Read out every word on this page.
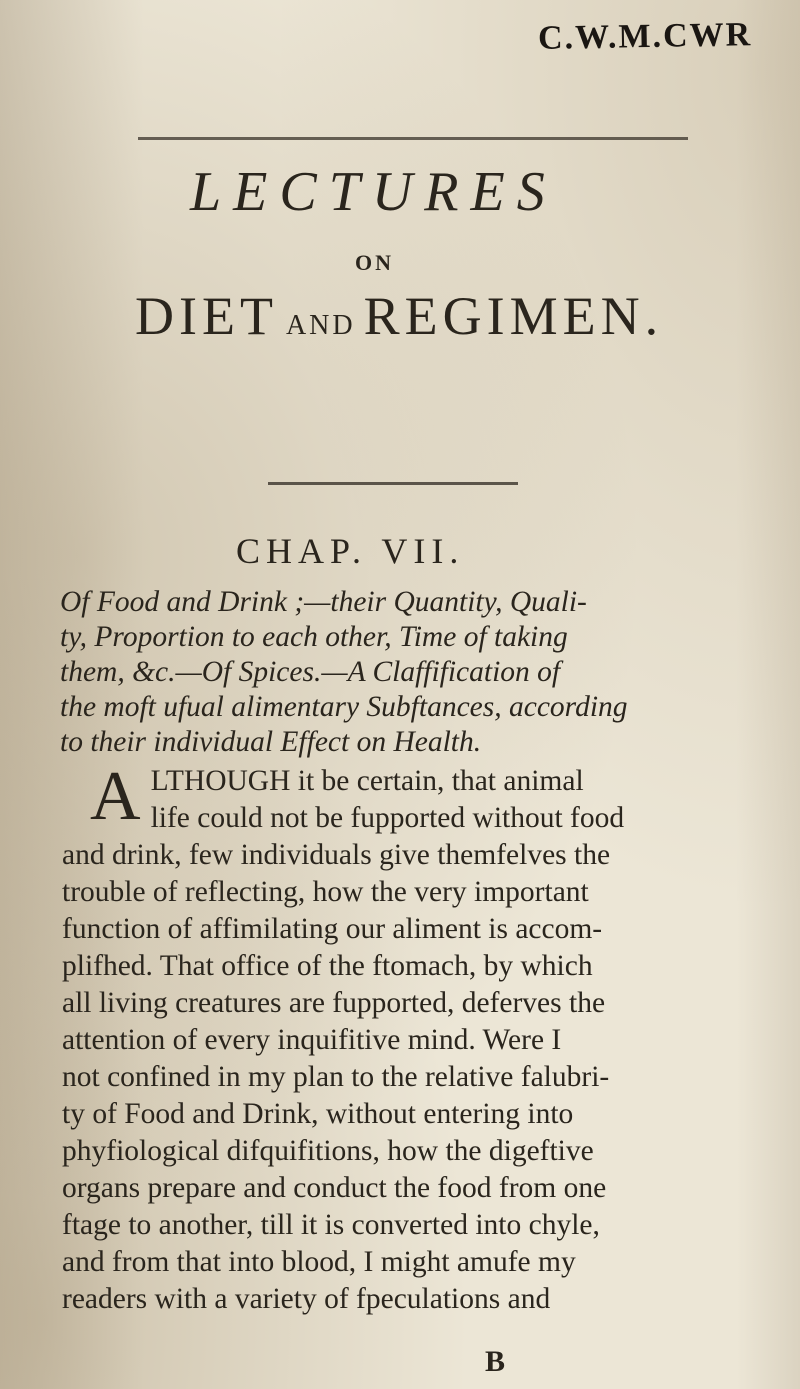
C.W.M.CWR
LECTURES
ON
DIET AND REGIMEN.
CHAP. VII.

Of Food and Drink ;—their Quantity, Quali-

ty, Proportion to each other, Time of taking

them, &c.—Of Spices.—A Claffification of

the moft ufual alimentary Subftances, according

to their individual Effect on Health.

A LTHOUGH it be certain, that animal

life could not be fupported without food

and drink, few individuals give themfelves the

trouble of reflecting, how the very important

function of affimilating our aliment is accom-

plifhed. That office of the ftomach, by which

all living creatures are fupported, deferves the

attention of every inquifitive mind. Were I

not confined in my plan to the relative falubri-

ty of Food and Drink, without entering into

phyfiological difquifitions, how the digeftive

organs prepare and conduct the food from one

ftage to another, till it is converted into chyle,

and from that into blood, I might amufe my

readers with a variety of fpeculations and

B
